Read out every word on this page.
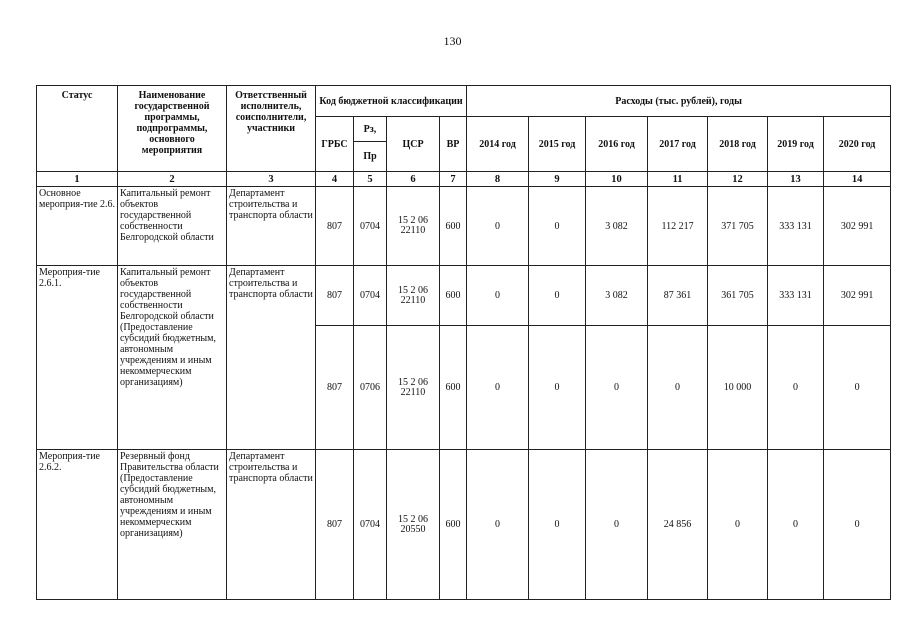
130
Статус	Наименование государственной программы, подпрограммы, основного мероприятия	Ответственный исполнитель, соисполнители, участники	Код бюджетной классификации				Расходы (тыс. рублей), годы						
			ГРБС	Рз,	ЦСР	ВР	2014 год	2015 год	2016 год	2017 год	2018 год	2019 год	2020 год
				Пр									
1	2	3	4	5	6	7	8	9	10	11	12	13	14
Основное мероприя-тие 2.6.	Капитальный ремонт объектов государственной собственности Белгородской области	Департамент строительства и транспорта области	807	0704	15 2 06 22110	600	0	0	3 082	112 217	371 705	333 131	302 991
Мероприя-тие 2.6.1.	Капитальный ремонт объектов государственной собственности Белгородской области (Предоставление субсидий бюджетным, автономным учреждениям и иным некоммерческим организациям)	Департамент строительства и транспорта области	807	0704	15 2 06 22110	600	0	0	3 082	87 361	361 705	333 131	302 991
			807	0706	15 2 06 22110	600	0	0	0	0	10 000	0	0
Мероприя-тие 2.6.2.	Резервный фонд Правительства области (Предоставление субсидий бюджетным, автономным учреждениям и иным некоммерческим организациям)	Департамент строительства и транспорта области	807	0704	15 2 06 20550	600	0	0	0	24 856	0	0	0
